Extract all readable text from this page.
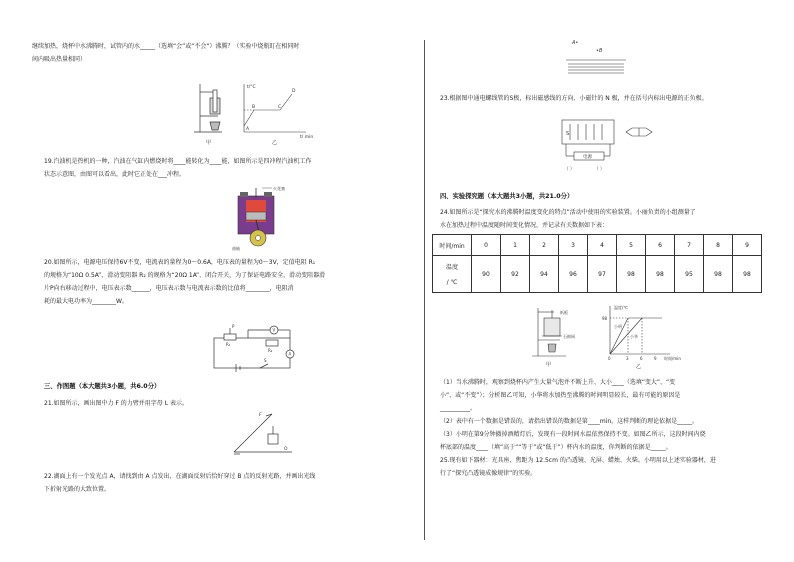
继续加热，烧杯中水沸腾时，试管内的水_____（选填“会”或“不会”）沸腾？（实验中烧瓶盯在相同时
间内吸出热量相同）
甲
t/°C
t/ min
A
B	C
D
乙
19.汽油机是热机的一种，汽油在气缸内燃烧时将____能转化为____能，如图所示是四冲程汽油机工作
状态示意图，由图可以看出，此时它正处在___冲程。
火花塞
曲轴
20.如图所示，电源电压保持6V不变，电流表的量程为0～0.6A，电压表的量程为0～3V，定值电阻 R₁
的规格为“10Ω 0.5A”，滑动变阻器 R₂ 的规格为“20Ω 1A”，闭合开关，为了保证电路安全，滑动变阻器滑
片P向右移动过程中，电压表示数______，电压表示数与电流表示数的比值将________，电阻消
耗的最大电功率为________W。
P
V
R₁
R₂
A
S
三、作图题（本大题共3小题，共6.0分）
21.如图所示，画出图中力 F 的力臂并用字母 L 表示。
F
O
22.湖面上有一个发光点 A，请找到由 A 点发出，在湖面反射后恰好穿过 B 点的反射光路，并画出光线
下折射光路的大致位置。
A•
•B
23.根据图中通电螺线管的S极，标出磁感线的方向、小磁针的 N 极，并在括号内标出电源的正负极。
S
电源
（ ）	（ ）
四、实验探究题（本大题共3小题，共21.0分）
24.如图所示是“探究水的沸腾时温度变化的特点”活动中使用的实验装置。小丽负责的小组测量了
水在加热过程中温度随时间变化情况，并记录有关数据如下表：
时间/min	0	1	2	3	4	5	6	7	8	9

温度
/ ℃	90	92	94	96	97	98	98	95	98	98
纸板
石棉网
甲
温度/℃
时间/min
98
0	3	6	9
小明
小华
乙
（1）当水沸腾时，观察到烧杯内产生大量气泡并不断上升、大小____（选填“变大”、“变
小”、或“不变”）；分析图乙可知，小华将水加热至沸腾的时间明显较长，最有可能的原因是
__________。
（2）表中有一个数据是错误的，请指出错误的数据是第____min，这样判断的理论依据是_____。
（3）小明在第9分钟撤掉酒精灯后，发现有一段时间水温依然保持不变。如图乙所示，这段时间内烧
杯底部的温度____（填“高于”“等于”或“低于”）杯内水的温度，你判断的依据是_____。
25.现有如下器材：光具座、焦距为 12.5cm 的凸透镜、光屏、蜡烛、火柴。小明用以上述实验器材，进
行了“探究凸透镜成像规律”的实验。
